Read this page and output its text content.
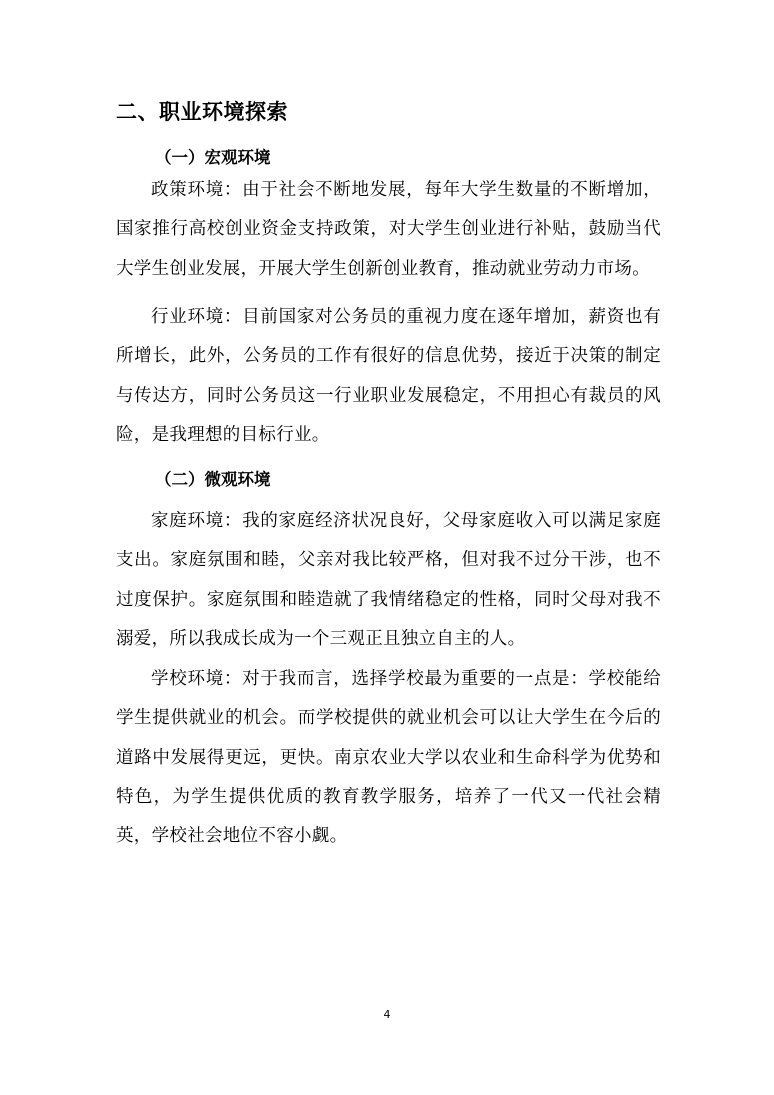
二、职业环境探索
（一）宏观环境

政策环境：由于社会不断地发展，每年大学生数量的不断增加，国家推行高校创业资金支持政策，对大学生创业进行补贴，鼓励当代大学生创业发展，开展大学生创新创业教育，推动就业劳动力市场。

行业环境：目前国家对公务员的重视力度在逐年增加，薪资也有所增长，此外，公务员的工作有很好的信息优势，接近于决策的制定与传达方，同时公务员这一行业职业发展稳定，不用担心有裁员的风险，是我理想的目标行业。

（二）微观环境

家庭环境：我的家庭经济状况良好，父母家庭收入可以满足家庭支出。家庭氛围和睦，父亲对我比较严格，但对我不过分干涉，也不过度保护。家庭氛围和睦造就了我情绪稳定的性格，同时父母对我不溺爱，所以我成长成为一个三观正且独立自主的人。

学校环境：对于我而言，选择学校最为重要的一点是：学校能给学生提供就业的机会。而学校提供的就业机会可以让大学生在今后的道路中发展得更远，更快。南京农业大学以农业和生命科学为优势和特色，为学生提供优质的教育教学服务，培养了一代又一代社会精英，学校社会地位不容小觑。

4
